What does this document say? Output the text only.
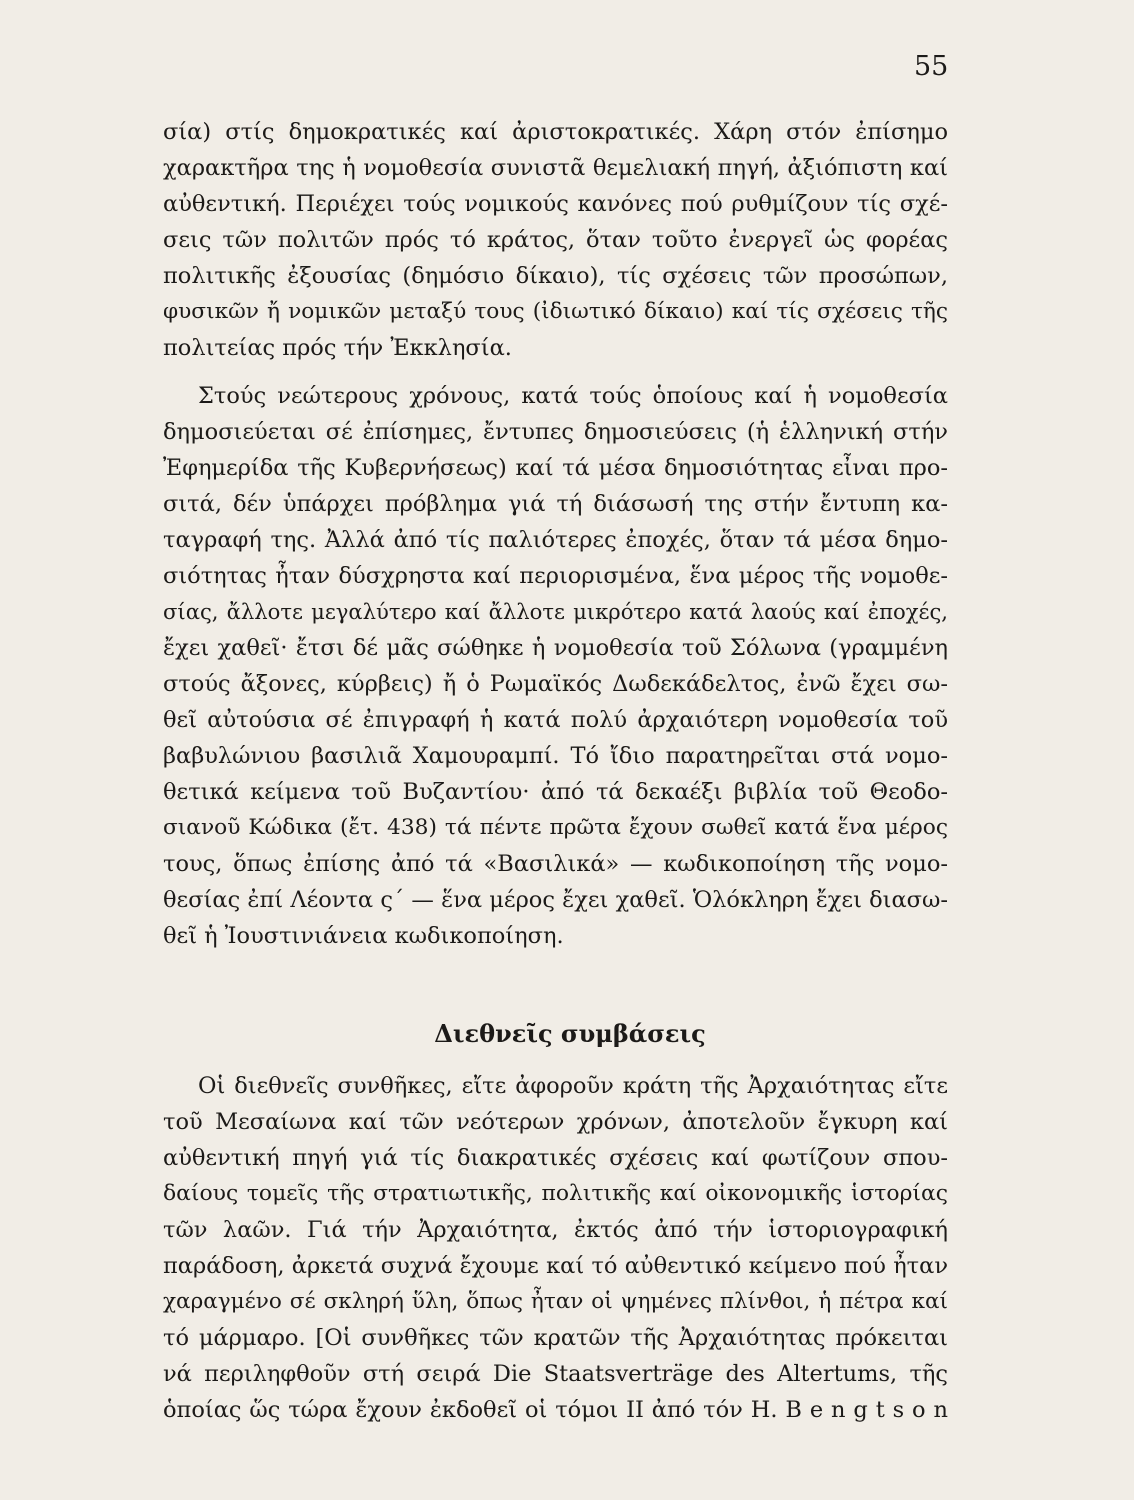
55
σία) στίς δημοκρατικές καί ἀριστοκρατικές. Χάρη στόν ἐπίσημο
χαρακτῆρα της ἡ νομοθεσία συνιστᾶ θεμελιακή πηγή, ἀξιόπιστη καί
αὐθεντική. Περιέχει τούς νομικούς κανόνες πού ρυθμίζουν τίς σχέ-
σεις τῶν πολιτῶν πρός τό κράτος, ὅταν τοῦτο ἐνεργεῖ ὡς φορέας
πολιτικῆς ἐξουσίας (δημόσιο δίκαιο), τίς σχέσεις τῶν προσώπων,
φυσικῶν ἤ νομικῶν μεταξύ τους (ἰδιωτικό δίκαιο) καί τίς σχέσεις τῆς
πολιτείας πρός τήν Ἐκκλησία.
Στούς νεώτερους χρόνους, κατά τούς ὁποίους καί ἡ νομοθεσία
δημοσιεύεται σέ ἐπίσημες, ἔντυπες δημοσιεύσεις (ἡ ἑλληνική στήν
Ἐφημερίδα τῆς Κυβερνήσεως) καί τά μέσα δημοσιότητας εἶναι προ-
σιτά, δέν ὑπάρχει πρόβλημα γιά τή διάσωσή της στήν ἔντυπη κα-
ταγραφή της. Ἀλλά ἀπό τίς παλιότερες ἐποχές, ὅταν τά μέσα δημο-
σιότητας ἦταν δύσχρηστα καί περιορισμένα, ἕνα μέρος τῆς νομοθε-
σίας, ἄλλοτε μεγαλύτερο καί ἄλλοτε μικρότερο κατά λαούς καί ἐποχές,
ἔχει χαθεῖ· ἔτσι δέ μᾶς σώθηκε ἡ νομοθεσία τοῦ Σόλωνα (γραμμένη
στούς ἄξονες, κύρβεις) ἤ ὁ Ρωμαϊκός Δωδεκάδελτος, ἐνῶ ἔχει σω-
θεῖ αὐτούσια σέ ἐπιγραφή ἡ κατά πολύ ἀρχαιότερη νομοθεσία τοῦ
βαβυλώνιου βασιλιᾶ Χαμουραμπί. Τό ἴδιο παρατηρεῖται στά νομο-
θετικά κείμενα τοῦ Βυζαντίου· ἀπό τά δεκαέξι βιβλία τοῦ Θεοδο-
σιανοῦ Κώδικα (ἔτ. 438) τά πέντε πρῶτα ἔχουν σωθεῖ κατά ἕνα μέρος
τους, ὅπως ἐπίσης ἀπό τά «Βασιλικά» — κωδικοποίηση τῆς νομο-
θεσίας ἐπί Λέοντα ς΄ — ἕνα μέρος ἔχει χαθεῖ. Ὁλόκληρη ἔχει διασω-
θεῖ ἡ Ἰουστινιάνεια κωδικοποίηση.
Διεθνεῖς συμβάσεις
Οἱ διεθνεῖς συνθῆκες, εἴτε ἀφοροῦν κράτη τῆς Ἀρχαιότητας εἴτε
τοῦ Μεσαίωνα καί τῶν νεότερων χρόνων, ἀποτελοῦν ἔγκυρη καί
αὐθεντική πηγή γιά τίς διακρατικές σχέσεις καί φωτίζουν σπου-
δαίους τομεῖς τῆς στρατιωτικῆς, πολιτικῆς καί οἰκονομικῆς ἱστορίας
τῶν λαῶν. Γιά τήν Ἀρχαιότητα, ἐκτός ἀπό τήν ἱστοριογραφική
παράδοση, ἀρκετά συχνά ἔχουμε καί τό αὐθεντικό κείμενο πού ἦταν
χαραγμένο σέ σκληρή ὕλη, ὅπως ἦταν οἱ ψημένες πλίνθοι, ἡ πέτρα καί
τό μάρμαρο. [Οἱ συνθῆκες τῶν κρατῶν τῆς Ἀρχαιότητας πρόκειται
νά περιληφθοῦν στή σειρά Die Staatsverträge des Altertums, τῆς
ὁποίας ὥς τώρα ἔχουν ἐκδοθεῖ οἱ τόμοι II ἀπό τόν H. B e n g t s o n
